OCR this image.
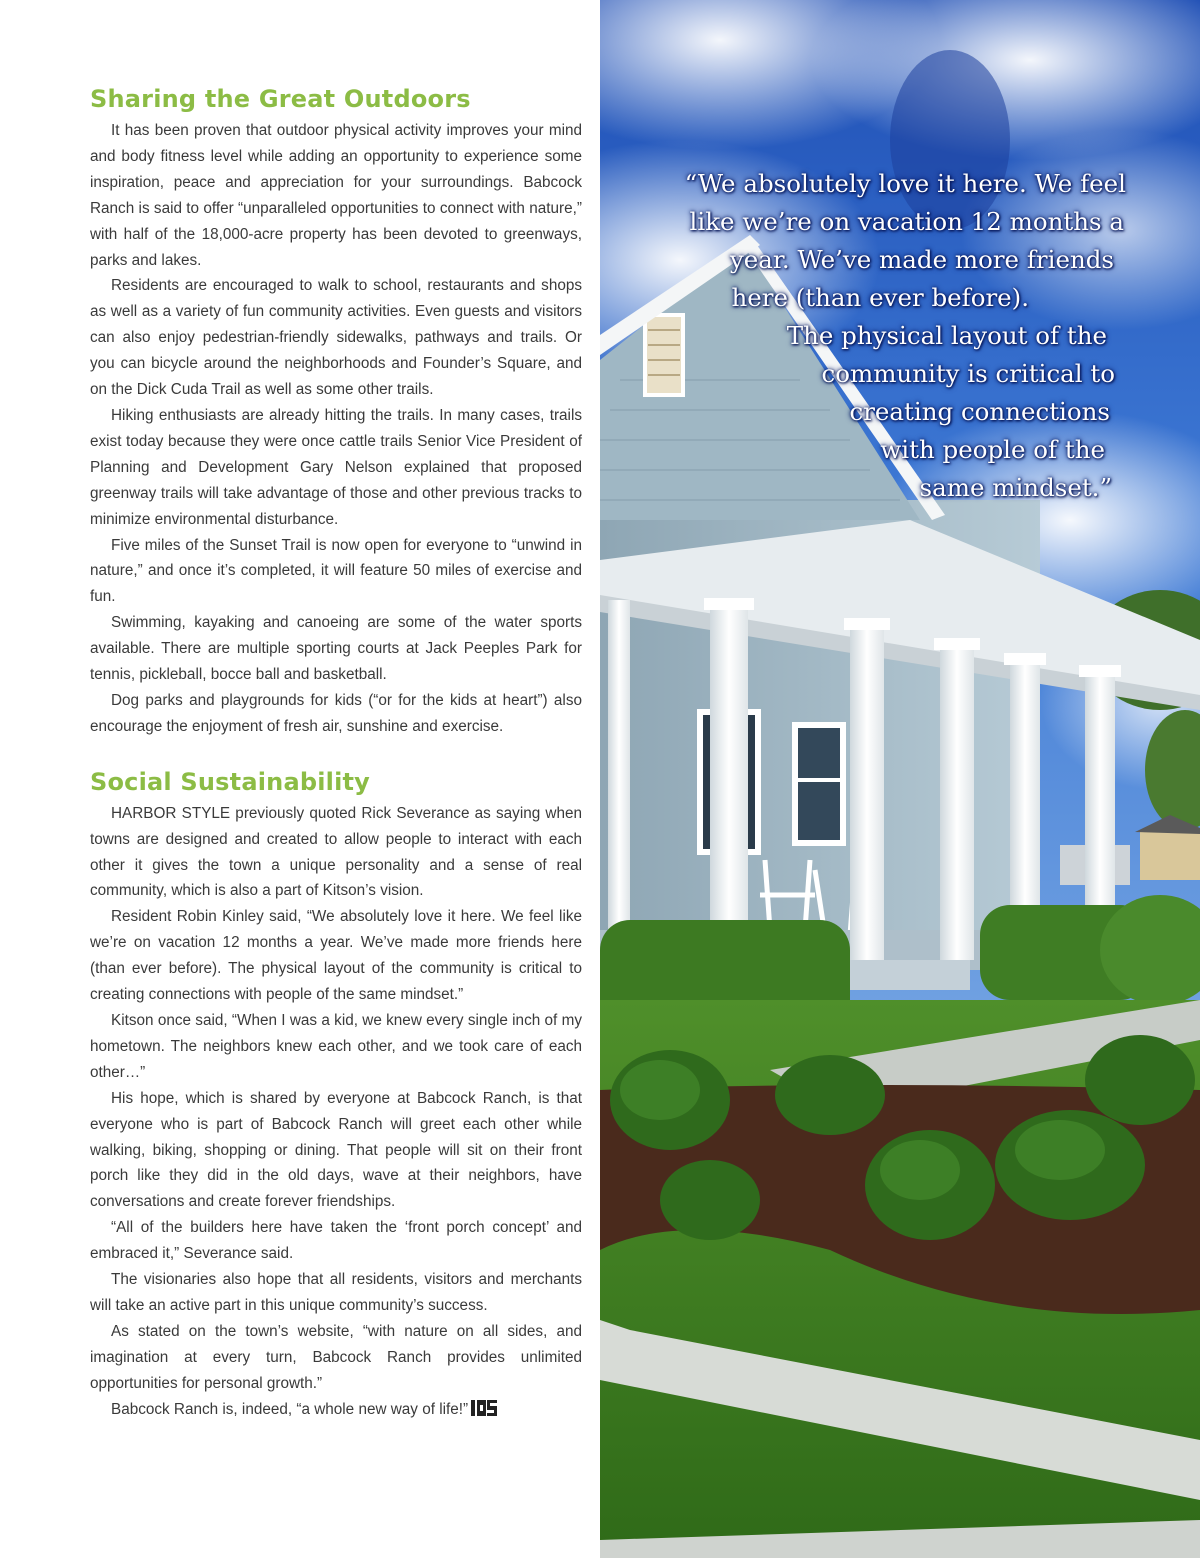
Sharing the Great Outdoors

It has been proven that outdoor physical activity improves your mind and body fitness level while adding an opportunity to experience some inspiration, peace and appreciation for your surroundings. Babcock Ranch is said to offer “unparalleled opportunities to connect with nature,” with half of the 18,000-acre property has been devoted to greenways, parks and lakes.

Residents are encouraged to walk to school, restaurants and shops as well as a variety of fun community activities. Even guests and visitors can also enjoy pedestrian-friendly sidewalks, pathways and trails. Or you can bicycle around the neighborhoods and Founder’s Square, and on the Dick Cuda Trail as well as some other trails.

Hiking enthusiasts are already hitting the trails. In many cases, trails exist today because they were once cattle trails Senior Vice President of Planning and Development Gary Nelson explained that proposed greenway trails will take advantage of those and other previous tracks to minimize environmental disturbance.

Five miles of the Sunset Trail is now open for everyone to “unwind in nature,” and once it’s completed, it will feature 50 miles of exercise and fun.

Swimming, kayaking and canoeing are some of the water sports available. There are multiple sporting courts at Jack Peeples Park for tennis, pickleball, bocce ball and basketball.

Dog parks and playgrounds for kids (“or for the kids at heart”) also encourage the enjoyment of fresh air, sunshine and exercise.

Social Sustainability

HARBOR STYLE previously quoted Rick Severance as saying when towns are designed and created to allow people to interact with each other it gives the town a unique personality and a sense of real community, which is also a part of Kitson’s vision.

Resident Robin Kinley said, “We absolutely love it here. We feel like we’re on vacation 12 months a year. We’ve made more friends here (than ever before). The physical layout of the community is critical to creating connections with people of the same mindset.”

Kitson once said, “When I was a kid, we knew every single inch of my hometown. The neighbors knew each other, and we took care of each other…”

His hope, which is shared by everyone at Babcock Ranch, is that everyone who is part of Babcock Ranch will greet each other while walking, biking, shopping or dining. That people will sit on their front porch like they did in the old days, wave at their neighbors, have conversations and create forever friendships.

“All of the builders here have taken the ‘front porch concept’ and embraced it,” Severance said.

The visionaries also hope that all residents, visitors and merchants will take an active part in this unique community’s success.

As stated on the town’s website, “with nature on all sides, and imagination at every turn, Babcock Ranch provides unlimited opportunities for personal growth.”

Babcock Ranch is, indeed, “a whole new way of life!”

“We absolutely love it here. We feel
like we’re on vacation 12 months a
year. We’ve made more friends
here (than ever before).
The physical layout of the
community is critical to
creating connections
with people of the
same mindset.”
